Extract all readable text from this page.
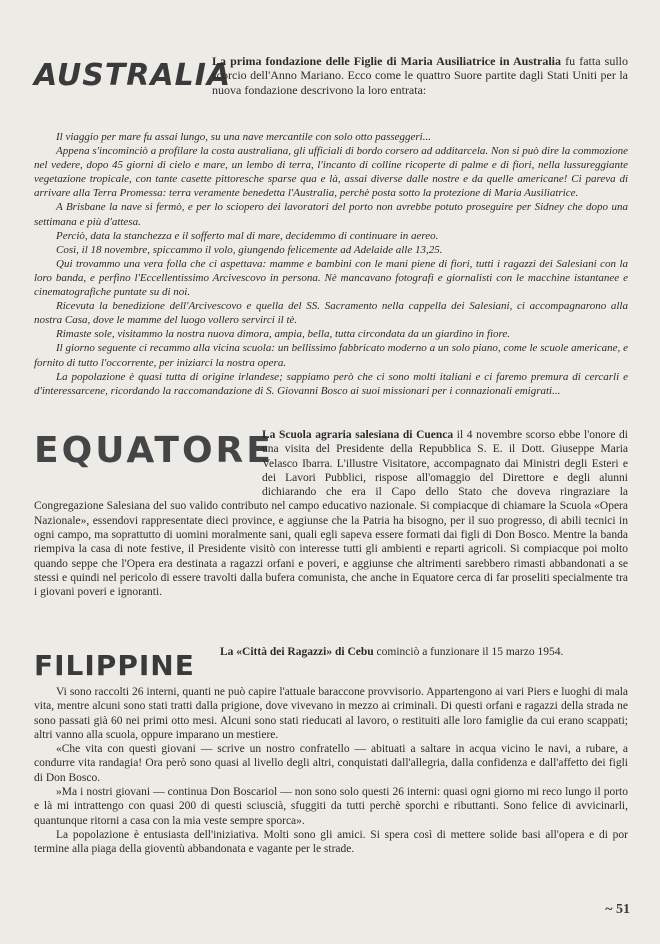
AUSTRALIA
La prima fondazione delle Figlie di Maria Ausiliatrice in Australia fu fatta sullo scorcio dell'Anno Mariano. Ecco come le quattro Suore partite dagli Stati Uniti per la nuova fondazione descrivono la loro entrata:

Il viaggio per mare fu assai lungo, su una nave mercantile con solo otto passeggeri...

Appena s'incominciò a profilare la costa australiana, gli ufficiali di bordo corsero ad additarcela. Non si può dire la commozione nel vedere, dopo 45 giorni di cielo e mare, un lembo di terra, l'incanto di colline ricoperte di palme e di fiori, nella lussureggiante vegetazione tropicale, con tante casette pittoresche sparse qua e là, assai diverse dalle nostre e da quelle americane! Ci pareva di arrivare alla Terra Promessa: terra veramente benedetta l'Australia, perchè posta sotto la protezione di Maria Ausiliatrice.

A Brisbane la nave si fermò, e per lo sciopero dei lavoratori del porto non avrebbe potuto proseguire per Sidney che dopo una settimana e più d'attesa.

Perciò, data la stanchezza e il sofferto mal di mare, decidemmo di continuare in aereo.

Così, il 18 novembre, spiccammo il volo, giungendo felicemente ad Adelaide alle 13,25.

Qui trovammo una vera folla che ci aspettava: mamme e bambini con le mani piene di fiori, tutti i ragazzi dei Salesiani con la loro banda, e perfino l'Eccellentissimo Arcivescovo in persona. Nè mancavano fotografi e giornalisti con le macchine istantanee e cinematografiche puntate su di noi.

Ricevuta la benedizione dell'Arcivescovo e quella del SS. Sacramento nella cappella dei Salesiani, ci accompagnarono alla nostra Casa, dove le mamme del luogo vollero servirci il tè.

Rimaste sole, visitammo la nostra nuova dimora, ampia, bella, tutta circondata da un giardino in fiore.

Il giorno seguente ci recammo alla vicina scuola: un bellissimo fabbricato moderno a un solo piano, come le scuole americane, e fornito di tutto l'occorrente, per iniziarci la nostra opera.

La popolazione è quasi tutta di origine irlandese; sappiamo però che ci sono molti italiani e ci faremo premura di cercarli e d'interessarcene, ricordando la raccomandazione di S. Giovanni Bosco ai suoi missionari per i connazionali emigrati...

EQUATORE

La Scuola agraria salesiana di Cuenca il 4 novembre scorso ebbe l'onore di una visita del Presidente della Repubblica S. E. il Dott. Giuseppe Maria Velasco Ibarra. L'illustre Visitatore, accompagnato dai Ministri degli Esteri e dei Lavori Pubblici, rispose all'omaggio del Direttore e degli alunni dichiarando che era il Capo dello Stato che doveva ringraziare la Congregazione Salesiana del suo valido contributo nel campo educativo nazionale. Si compiacque di chiamare la Scuola «Opera Nazionale», essendovi rappresentate dieci province, e aggiunse che la Patria ha bisogno, per il suo progresso, di abili tecnici in ogni campo, ma soprattutto di uomini moralmente sani, quali egli sapeva essere formati dai figli di Don Bosco. Mentre la banda riempiva la casa di note festive, il Presidente visitò con interesse tutti gli ambienti e reparti agricoli. Si compiacque poi molto quando seppe che l'Opera era destinata a ragazzi orfani e poveri, e aggiunse che altrimenti sarebbero rimasti abbandonati a se stessi e quindi nel pericolo di essere travolti dalla bufera comunista, che anche in Equatore cerca di far proseliti specialmente tra i giovani poveri e ignoranti.

FILIPPINE La «Città dei Ragazzi» di Cebu cominciò a funzionare il 15 marzo 1954.

Vi sono raccolti 26 interni, quanti ne può capire l'attuale baraccone provvisorio. Appartengono ai vari Piers e luoghi di mala vita, mentre alcuni sono stati tratti dalla prigione, dove vivevano in mezzo ai criminali. Di questi orfani e ragazzi della strada ne sono passati già 60 nei primi otto mesi. Alcuni sono stati rieducati al lavoro, o restituiti alle loro famiglie da cui erano scappati; altri vanno alla scuola, oppure imparano un mestiere.

«Che vita con questi giovani — scrive un nostro confratello — abituati a saltare in acqua vicino le navi, a rubare, a condurre vita randagia! Ora però sono quasi al livello degli altri, conquistati dall'allegria, dalla confidenza e dall'affetto dei figli di Don Bosco.

»Ma i nostri giovani — continua Don Boscariol — non sono solo questi 26 interni: quasi ogni giorno mi reco lungo il porto e là mi intrattengo con quasi 200 di questi sciuscià, sfuggiti da tutti perchè sporchi e ributtanti. Sono felice di avvicinarli, quantunque ritorni a casa con la mia veste sempre sporca».

La popolazione è entusiasta dell'iniziativa. Molti sono gli amici. Si spera così di mettere solide basi all'opera e di por termine alla piaga della gioventù abbandonata e vagante per le strade.

~ 51
